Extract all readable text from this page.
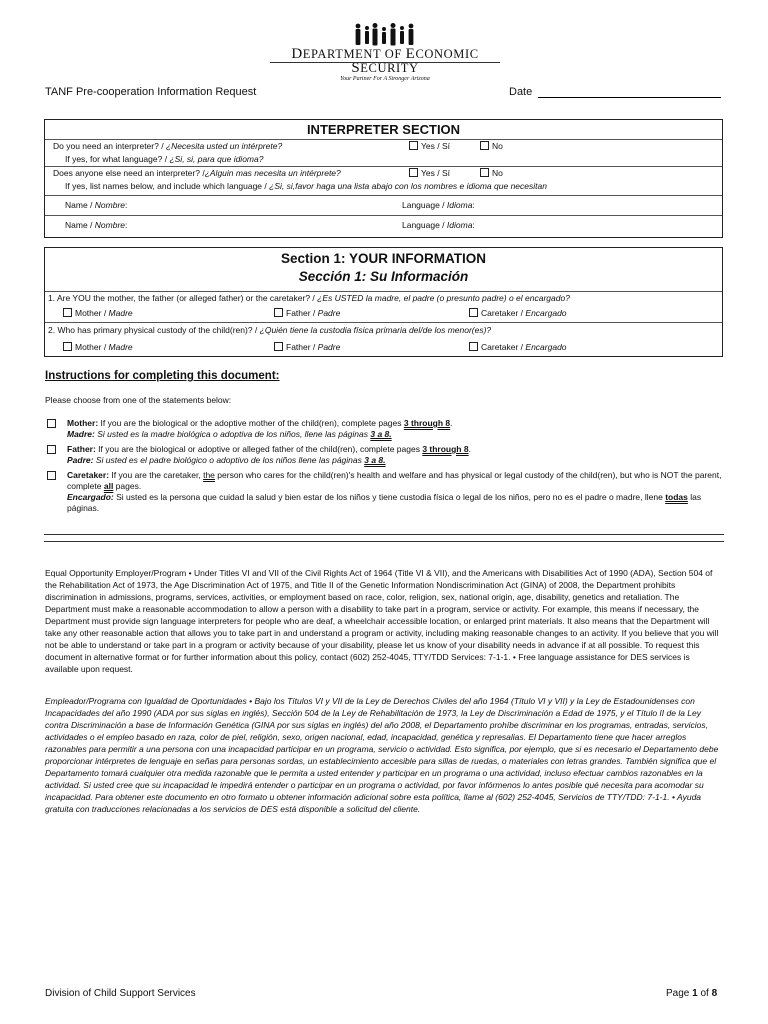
DEPARTMENT OF ECONOMIC SECURITY
Your Partner For A Stronger Arizona
TANF Pre-cooperation Information Request	Date
INTERPRETER SECTION
Do you need an interpreter? / ¿Necesita usted un intérprete?	Yes / Sí	No
If yes, for what language? / ¿Si, si, para que idioma?
Does anyone else need an interpreter? /¿Alguin mas necesita un intérprete?	Yes / Sí	No
If yes, list names below, and include which language / ¿Si, si,favor haga una lista abajo con los nombres e idioma que necesitan
Name / Nombre:	Language / Idioma:
Name / Nombre:	Language / Idioma:
Section 1: YOUR INFORMATION
Sección 1: Su Información
1. Are YOU the mother, the father (or alleged father) or the caretaker? / ¿Es USTED la madre, el padre (o presunto padre) o el encargado?
Mother / Madre	Father / Padre	Caretaker / Encargado
2. Who has primary physical custody of the child(ren)? / ¿Quién tiene la custodia física primaria del/de los menor(es)?
Mother / Madre	Father / Padre	Caretaker / Encargado
Instructions for completing this document:
Please choose from one of the statements below:
Mother: If you are the biological or the adoptive mother of the child(ren), complete pages 3 through 8.
Madre: Si usted es la madre biológica o adoptiva de los niños, llene las páginas 3 a 8.
Father: If you are the biological or adoptive or alleged father of the child(ren), complete pages 3 through 8.
Padre: Si usted es el padre biológico o adoptivo de los niños llene las páginas 3 a 8.
Caretaker: If you are the caretaker, the person who cares for the child(ren)'s health and welfare and has physical or legal custody of the child(ren), but who is NOT the parent, complete all pages.
Encargado: Si usted es la persona que cuidad la salud y bien estar de los niños y tiene custodia física o legal de los niños, pero no es el padre o madre, llene todas las páginas.
Equal Opportunity Employer/Program • Under Titles VI and VII of the Civil Rights Act of 1964 (Title VI & VII), and the Americans with Disabilities Act of 1990 (ADA), Section 504 of the Rehabilitation Act of 1973, the Age Discrimination Act of 1975, and Title II of the Genetic Information Nondiscrimination Act (GINA) of 2008, the Department prohibits discrimination in admissions, programs, services, activities, or employment based on race, color, religion, sex, national origin, age, disability, genetics and retaliation. The Department must make a reasonable accommodation to allow a person with a disability to take part in a program, service or activity. For example, this means if necessary, the Department must provide sign language interpreters for people who are deaf, a wheelchair accessible location, or enlarged print materials. It also means that the Department will take any other reasonable action that allows you to take part in and understand a program or activity, including making reasonable changes to an activity. If you believe that you will not be able to understand or take part in a program or activity because of your disability, please let us know of your disability needs in advance if at all possible. To request this document in alternative format or for further information about this policy, contact (602) 252-4045, TTY/TDD Services: 7-1-1. • Free language assistance for DES services is available upon request.
Empleador/Programa con Igualdad de Oportunidades • Bajo los Títulos VI y VII de la Ley de Derechos Civiles del año 1964 (Título VI y VII) y la Ley de Estadounidenses con Incapacidades del año 1990 (ADA por sus siglas en inglés), Sección 504 de la Ley de Rehabilitación de 1973, la Ley de Discriminación a Edad de 1975, y el Título II de la Ley contra Discriminación a base de Información Genética (GINA por sus siglas en inglés) del año 2008, el Departamento prohíbe discriminar en los programas, entradas, servicios, actividades o el empleo basado en raza, color de piel, religión, sexo, origen nacional, edad, incapacidad, genética y represalias. El Departamento tiene que hacer arreglos razonables para permitir a una persona con una incapacidad participar en un programa, servicio o actividad. Esto significa, por ejemplo, que si es necesario el Departamento debe proporcionar intérpretes de lenguaje en señas para personas sordas, un establecimiento accesible para sillas de ruedas, o materiales con letras grandes. También significa que el Departamento tomará cualquier otra medida razonable que le permita a usted entender y participar en un programa o una actividad, incluso efectuar cambios razonables en la actividad. Si usted cree que su incapacidad le impedirá entender o participar en un programa o actividad, por favor infórmenos lo antes posible qué necesita para acomodar su incapacidad. Para obtener este documento en otro formato u obtener información adicional sobre esta política, llame al (602) 252-4045, Servicios de TTY/TDD: 7-1-1. • Ayuda gratuita con traducciones relacionadas a los servicios de DES está disponible a solicitud del cliente.
Division of Child Support Services	Page 1 of 8
